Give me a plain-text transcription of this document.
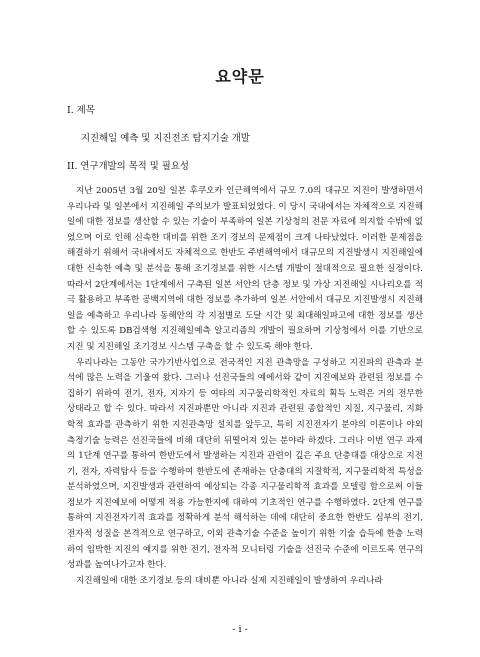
요약문
I. 제목
지진해일 예측 및 지진전조 탐지기술 개발
II. 연구개발의 목적 및 필요성

지난 2005년 3월 20일 일본 후쿠오카 인근해역에서 규모 7.0의 대규모 지진이 발생하면서 우리나라 및 일본에서 지진해일 주의보가 발표되었었다. 이 당시 국내에서는 자체적으로 지진해일에 대한 정보를 생산할 수 있는 기술이 부족하여 일본 기상청의 전문 자료에 의지할 수밖에 없었으며 이로 인해 신속한 대비를 위한 조기 경보의 문제점이 크게 나타났었다. 이러한 문제점을 해결하기 위해서 국내에서도 자체적으로 한반도 주변해역에서 대규모의 지진발생시 지진해일에 대한 신속한 예측 및 분석을 통해 조기경보를 위한 시스템 개발이 절대적으로 필요한 실정이다. 따라서 2단계에서는 1단계에서 구축된 일본 서안의 단층 정보 및 가상 지진해일 시나리오를 적극 활용하고 부족한 공백지역에 대한 정보를 추가하여 일본 서안에서 대규모 지진발생시 지진해일을 예측하고 우리나라 동해안의 각 지점별로 도달 시간 및 최대해일파고에 대한 정보를 생산 할 수 있도록 DB검색형 지진해일예측 알고리즘의 개발이 필요하며 기상청에서 이를 기반으로 지진 및 지진해일 조기경보 시스템 구축을 할 수 있도록 해야 한다.

우리나라는 그동안 국가기반사업으로 전국적인 지진 관측망을 구성하고 지진파의 관측과 분석에 많은 노력을 기울여 왔다. 그러나 선진국들의 예에서와 같이 지진예보와 관련된 정보를 수집하기 위하여 전기, 전자, 지자기 등 여타의 지구물리학적인 자료의 획득 노력은 거의 전무한 상태라고 할 수 있다. 따라서 지진파뿐만 아니라 지진과 관련된 종합적인 지질, 지구물리, 지화학적 효과를 관측하기 위한 지진관측망 설치를 앞두고, 특히 지진전자기 분야의 이론이나 야외 측정기술 능력은 선진국들에 비해 대단히 뒤떨어져 있는 분야라 하겠다. 그러나 이번 연구 과제의 1단계 연구를 통하여 한반도에서 발생하는 지진과 관련이 깊은 주요 단층대를 대상으로 지전기, 전자, 자력탐사 등을 수행하여 한반도에 존재하는 단층대의 지질학적, 지구물리학적 특성을 분석하였으며, 지진발생과 관련하여 예상되는 각종 지구물리학적 효과를 모델링 함으로써 이들 정보가 지진예보에 어떻게 적용 가능한지에 대하여 기초적인 연구를 수행하였다. 2단계 연구를 통하여 지진전자기적 효과를 정확하게 분석 해석하는 데에 대단히 중요한 한반도 심부의 전기, 전자적 성질을 본격적으로 연구하고, 이외 관측기술 수준을 높이기 위한 기술 습득에 한층 노력하여 임박한 지진의 예지를 위한 전기, 전자적 모니터링 기술을 선진국 수준에 이르도록 연구의 성과를 높여나가고자 한다.

지진해일에 대한 조기경보 등의 대비뿐 아니라 실제 지진해일이 발생하여 우리나라

- i -
